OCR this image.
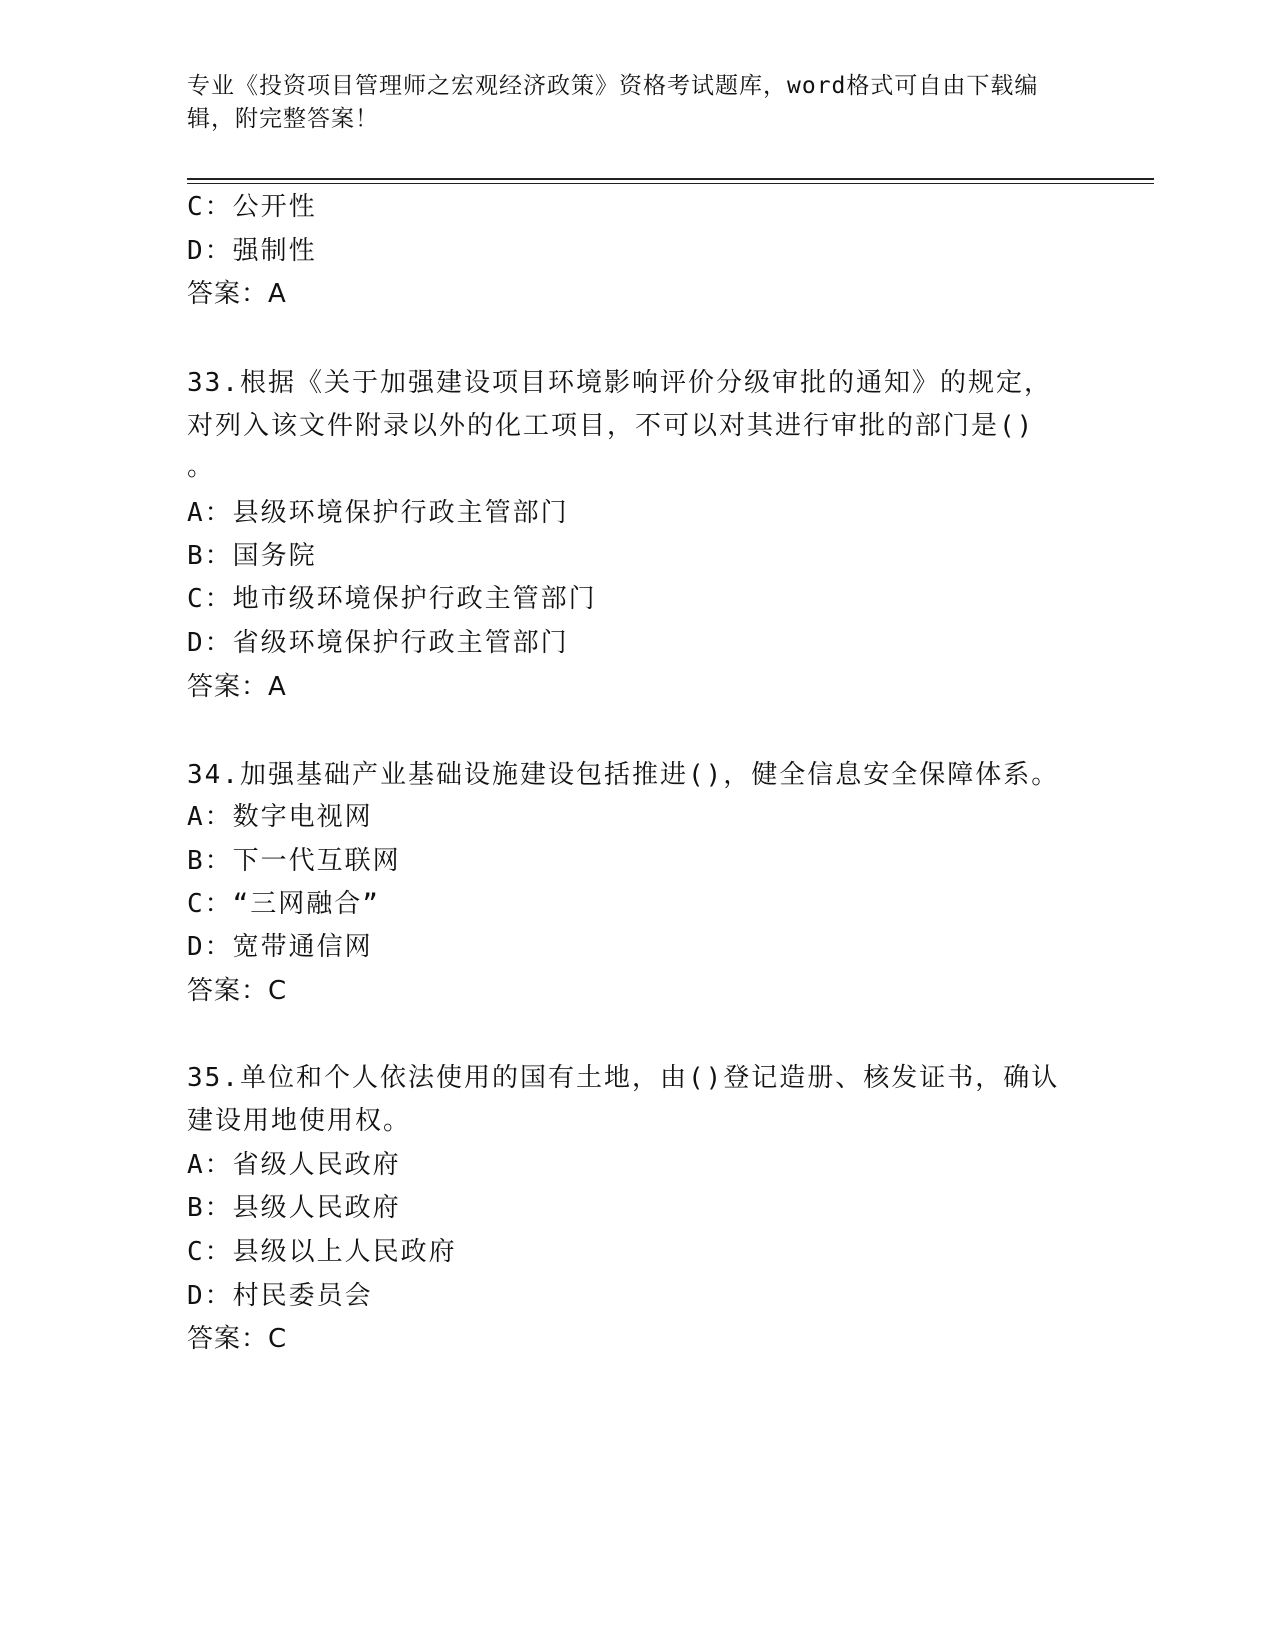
专业《投资项目管理师之宏观经济政策》资格考试题库，word格式可自由下载编辑，附完整答案！
C：公开性
D：强制性
答案：A
33.根据《关于加强建设项目环境影响评价分级审批的通知》的规定，
对列入该文件附录以外的化工项目，不可以对其进行审批的部门是()
。
A：县级环境保护行政主管部门
B：国务院
C：地市级环境保护行政主管部门
D：省级环境保护行政主管部门
答案：A
34.加强基础产业基础设施建设包括推进()，健全信息安全保障体系。
A：数字电视网
B：下一代互联网
C：“三网融合”
D：宽带通信网
答案：C
35.单位和个人依法使用的国有土地，由()登记造册、核发证书，确认
建设用地使用权。
A：省级人民政府
B：县级人民政府
C：县级以上人民政府
D：村民委员会
答案：C
